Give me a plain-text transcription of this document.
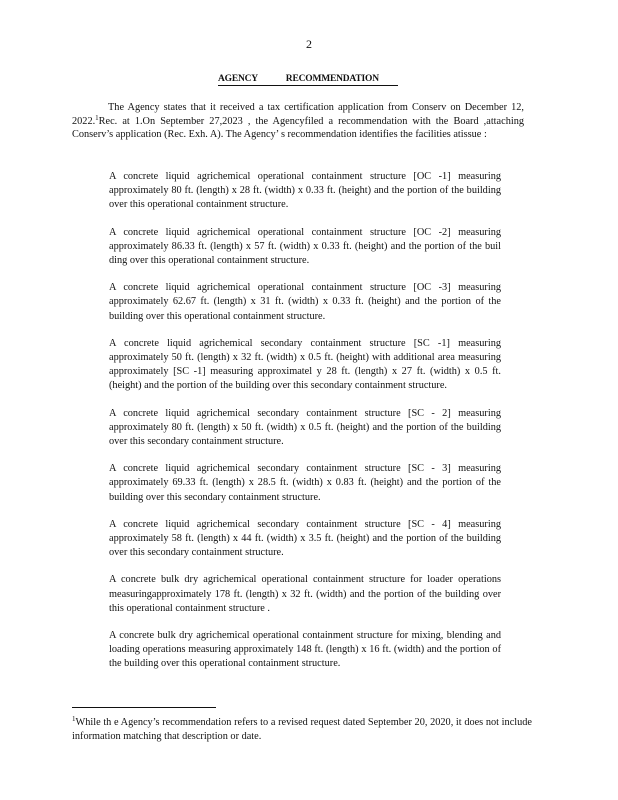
2
AGENCY RECOMMENDATION

The Agency states that it received a tax certification application from Conserv on December 12, 2022.$^1$Rec. at 1.On September 27,2023 , the Agencyfiled a recommendation with the Board ,attaching Conserv’s application (Rec. Exh. A). The Agency’ s recommendation identifies the facilities atissue :

A concrete liquid agrichemical operational containment structure [OC -1] measuring approximately 80 ft. (length) x 28 ft. (width) x 0.33 ft. (height) and the portion of the building over this operational containment structure.
A concrete liquid agrichemical operational containment structure [OC -2] measuring approximately 86.33 ft. (length) x 57 ft. (width) x 0.33 ft. (height) and the portion of the buil ding over this operational containment structure.
A concrete liquid agrichemical operational containment structure [OC -3] measuring approximately 62.67 ft. (length) x 31 ft. (width) x 0.33 ft. (height) and the portion of the building over this operational containment structure.
A concrete liquid agrichemical secondary containment structure [SC -1] measuring approximately 50 ft. (length) x 32 ft. (width) x 0.5 ft. (height) with additional area measuring approximately [SC -1] measuring approximatel y 28 ft. (length) x 27 ft. (width) x 0.5 ft. (height) and the portion of the building over this secondary containment structure.
A concrete liquid agrichemical secondary containment structure [SC - 2] measuring approximately 80 ft. (length) x 50 ft. (width) x 0.5 ft. (height) and the portion of the building over this secondary containment structure.
A concrete liquid agrichemical secondary containment structure [SC - 3] measuring approximately 69.33 ft. (length) x 28.5 ft. (width) x 0.83 ft. (height) and the portion of the building over this secondary containment structure.
A concrete liquid agrichemical secondary containment structure [SC - 4] measuring approximately 58 ft. (length) x 44 ft. (width) x 3.5 ft. (height) and the portion of the building over this secondary containment structure.
A concrete bulk dry agrichemical operational containment structure for loader operations measuringapproximately 178 ft. (length) x 32 ft. (width) and the portion of the building over this operational containment structure .
A concrete bulk dry agrichemical operational containment structure for mixing, blending and loading operations measuring approximately 148 ft. (length) x 16 ft. (width) and the portion of the building over this operational containment structure.

$^1$While th e Agency’s recommendation refers to a revised request dated September 20, 2020, it does not include information matching that description or date.
